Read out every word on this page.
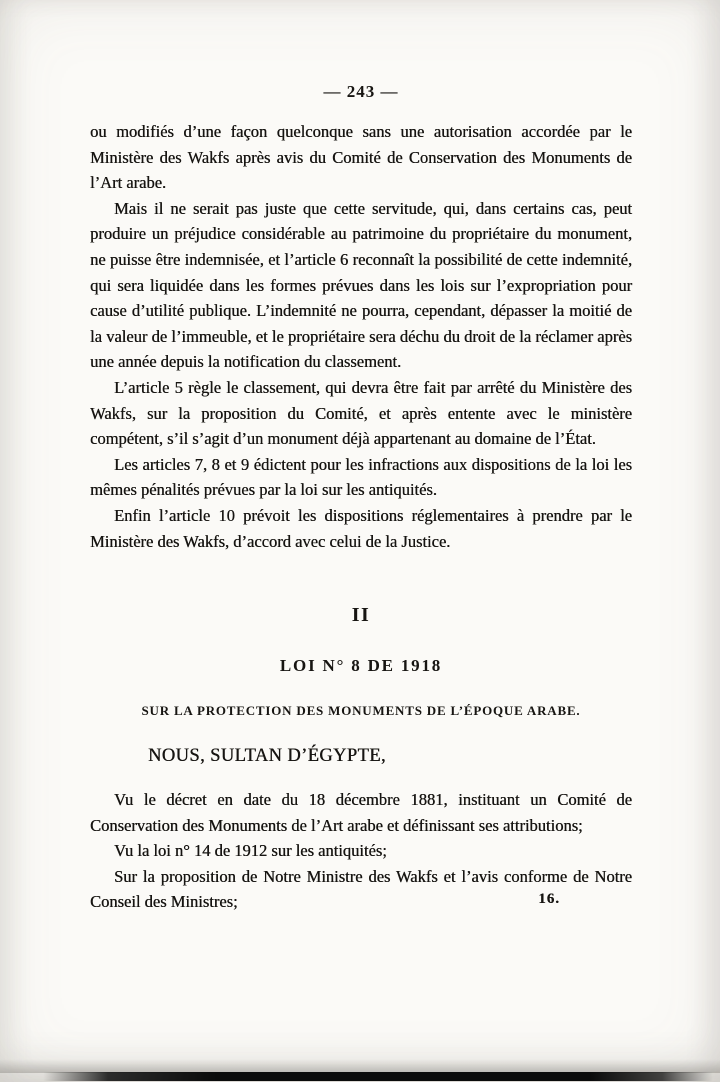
— 243 —

ou modifiés d’une façon quelconque sans une autorisation accordée par le Ministère des Wakfs après avis du Comité de Conservation des Monuments de l’Art arabe.

Mais il ne serait pas juste que cette servitude, qui, dans certains cas, peut produire un préjudice considérable au patrimoine du propriétaire du monument, ne puisse être indemnisée, et l’article 6 reconnaît la possibilité de cette indemnité, qui sera liquidée dans les formes prévues dans les lois sur l’expropriation pour cause d’utilité publique. L’indemnité ne pourra, cependant, dépasser la moitié de la valeur de l’immeuble, et le propriétaire sera déchu du droit de la réclamer après une année depuis la notification du classement.

L’article 5 règle le classement, qui devra être fait par arrêté du Ministère des Wakfs, sur la proposition du Comité, et après entente avec le ministère compétent, s’il s’agit d’un monument déjà appartenant au domaine de l’État.

Les articles 7, 8 et 9 édictent pour les infractions aux dispositions de la loi les mêmes pénalités prévues par la loi sur les antiquités.

Enfin l’article 10 prévoit les dispositions réglementaires à prendre par le Ministère des Wakfs, d’accord avec celui de la Justice.

II
LOI N° 8 DE 1918
SUR LA PROTECTION DES MONUMENTS DE L’ÉPOQUE ARABE.

NOUS, SULTAN D’ÉGYPTE,

Vu le décret en date du 18 décembre 1881, instituant un Comité de Conservation des Monuments de l’Art arabe et définissant ses attributions;

Vu la loi n° 14 de 1912 sur les antiquités;

Sur la proposition de Notre Ministre des Wakfs et l’avis conforme de Notre Conseil des Ministres;	16.
